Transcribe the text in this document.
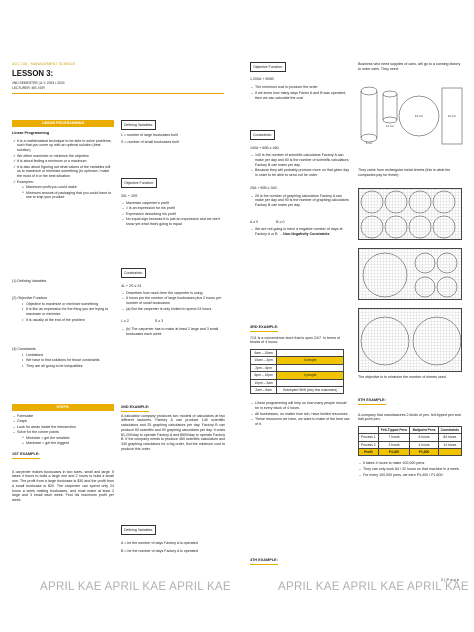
ACC 106 - MANAGEMENT SCIENCE
LESSON 3:
2ND SEMESTER | A.Y. 2023 • 2024
LECTURER: MS. ISIR
LINEAR PROGRAMMING

Linear Programming

✓ It is a mathematical technique to be able to solve problems, such that you come up with an optimal solution (best solution)
✓ We either maximize or minimize the objective
✓ It is about finding a minimum or a maximum
✓ It is also about figuring out what values of the variables will us to maximize or minimize something (to optimize / make the most of it or the best situation
✓ Examples:
o Maximum profit you could make
o Minimum amount of packaging that you could have to use to ship your product

(1) Defining Variables

(2) Objective Function

• Objective to maximize or minimize something
• It is like an expression for the thing you are trying to maximize or minimize
• It is usually at the end of the problem

(3) Constraints

• Limitations
• We have to find solutions for those constraints
• They are all going to be inequalities
STEPS:
– Formulate
– Graph
– Look for areas inside the intersection
– Solve for the corner points
o Minimize = get the smallest
o Maximize = get the biggest
1ST EXAMPLE:

A carpenter makes bookcases in two sizes, small and large. It takes 4 hours to build a large one and 2 hours to build a small one. The profit from a large bookcase is $30 and the profit from a small bookcase is $20. The carpenter can spend only 24 hours a week making bookcases, and must make at least 2 large and 3 small each week. Find his maximum profit per week.

Defining Variables:

L = number of large bookcases built

S = number of small bookcases built

Objective Function:

30L + 20S

– Maximize carpenter's profit
– √ is an expression for his profit
– Expression describing his profit
– No equal sign because it is just an expression and we don't know yet what that's going to equal
Constraints:

4L + 2S ≤ 24

– Describes how much time the carpenter is using
– 6 hours per the number of large bookcases plus 2 hours per number of small bookcases
– (a) But the carpenter is only limited to spend 24 hours
L ≥ 2	S ≥ 3
– (b) The carpenter has to make at least 2 large and 3 small bookcases each week
2ND EXAMPLE:

A calculator company produces two models of calculators at two different factories. Factory A can produce 140 scientific calculators and 25 graphing calculators per day. Factory B can produce 60 scientific and 90 graphing calculators per day. It costs $1,200/day to operate Factory A and $900/day to operate Factory B. If the company needs to produce 460 scientific calculators and 340 graphing calculators for a big order, find the minimum cost to produce this order.

Defining Variables:

A = be the number of days Factory A is operated

B = be the number of days Factory A is operated

Objective Function:

1,200A + 900B

– The minimum cost to produce the order
– If we knew how many days Factor A and B was operated, then we can calculate the cost
Constraints:

140A + 60B ≥ 460

– 140 is the number of scientific calculators Factory A can make per day and 60 is the number of scientific calculators Factory B can make per day
– Because they will probably produce more on that given day in order to be able to send out he order

25A + 90B ≥ 340

– 25 is the number of graphing calculators Factory A can make per day and 90 is the number of graphing calculators Factory B can make per day
A ≥ 0	B ≥ 0
– We are not going to have a negative number of days at Factory A or B → Non-Negativity Constraints
3RD EXAMPLE:

7/11 is a convenience store that is open 24/7. In terms of blocks of 4 hours:

6am – 10am	
10am – 2pm	4 people
2pm – 6pm	
6pm – 10pm	4 people
10pm – 2am	
2am – 6am	Graveyard Shift (very few customers)
– Linear programming will help us how many people should be in every block of 4 hours.
– All businesses, no matter how rich, have limited resources.
– These resources we have, we want to make of the best use of it.
4TH EXAMPLE:

Business who need supplies of cans, will go to a canning factory to order cans. They need:

8 cm
12 cm
16 cm	10 cm

They came from rectangular metal sheets (this is what the companies pay for these):

The objective is to minimize the number of sheets used.

5TH EXAMPLE:

A company that manufactures 2 kinds of pen, felt-tipped pen and ball-point pen.

	Felt-Tipped Pens	Ballpoint Pens	Constraints
Process 1	7 hours	6 hours	84 hours
Process 2	3 hours	4 hours	14 hours
Profit	P4,400	P1,600	
– It takes 4 hours to make 100,000 pens.
– They can only work 84 / 32 hours on that machine in a week.
– For every 100,000 pens, we earn P4,400 / P1,600.
APRIL KAE APRIL KAE APRIL KAE	APRIL KAE APRIL KAE APRIL KAE
2 | P a g e
